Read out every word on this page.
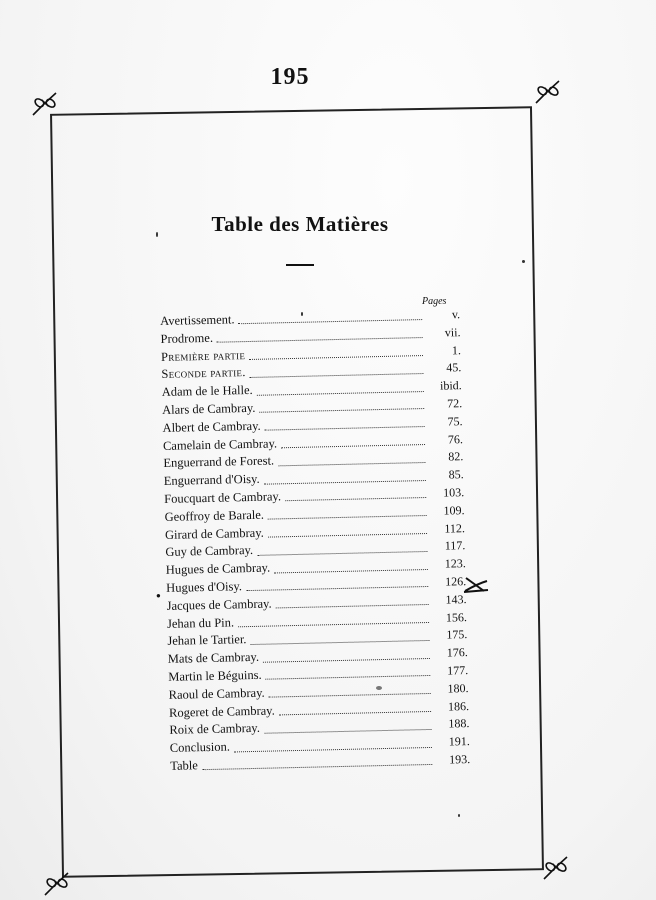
195
Table des Matières
Pages
Avertissement.	v.
Prodrome.	vii.
Première partie	1.
Seconde partie.	45.
Adam de le Halle.	ibid.
Alars de Cambray.	72.
Albert de Cambray.	75.
Camelain de Cambray.	76.
Enguerrand de Forest.	82.
Enguerrand d'Oisy.	85.
Foucquart de Cambray.	103.
Geoffroy de Barale.	109.
Girard de Cambray.	112.
Guy de Cambray.	117.
Hugues de Cambray.	123.
Hugues d'Oisy.	126.
Jacques de Cambray.	143.
Jehan du Pin.	156.
Jehan le Tartier.	175.
Mats de Cambray.	176.
Martin le Béguins.	177.
Raoul de Cambray.	180.
Rogeret de Cambray.	186.
Roix de Cambray.	188.
Conclusion.	191.
Table	193.
●
